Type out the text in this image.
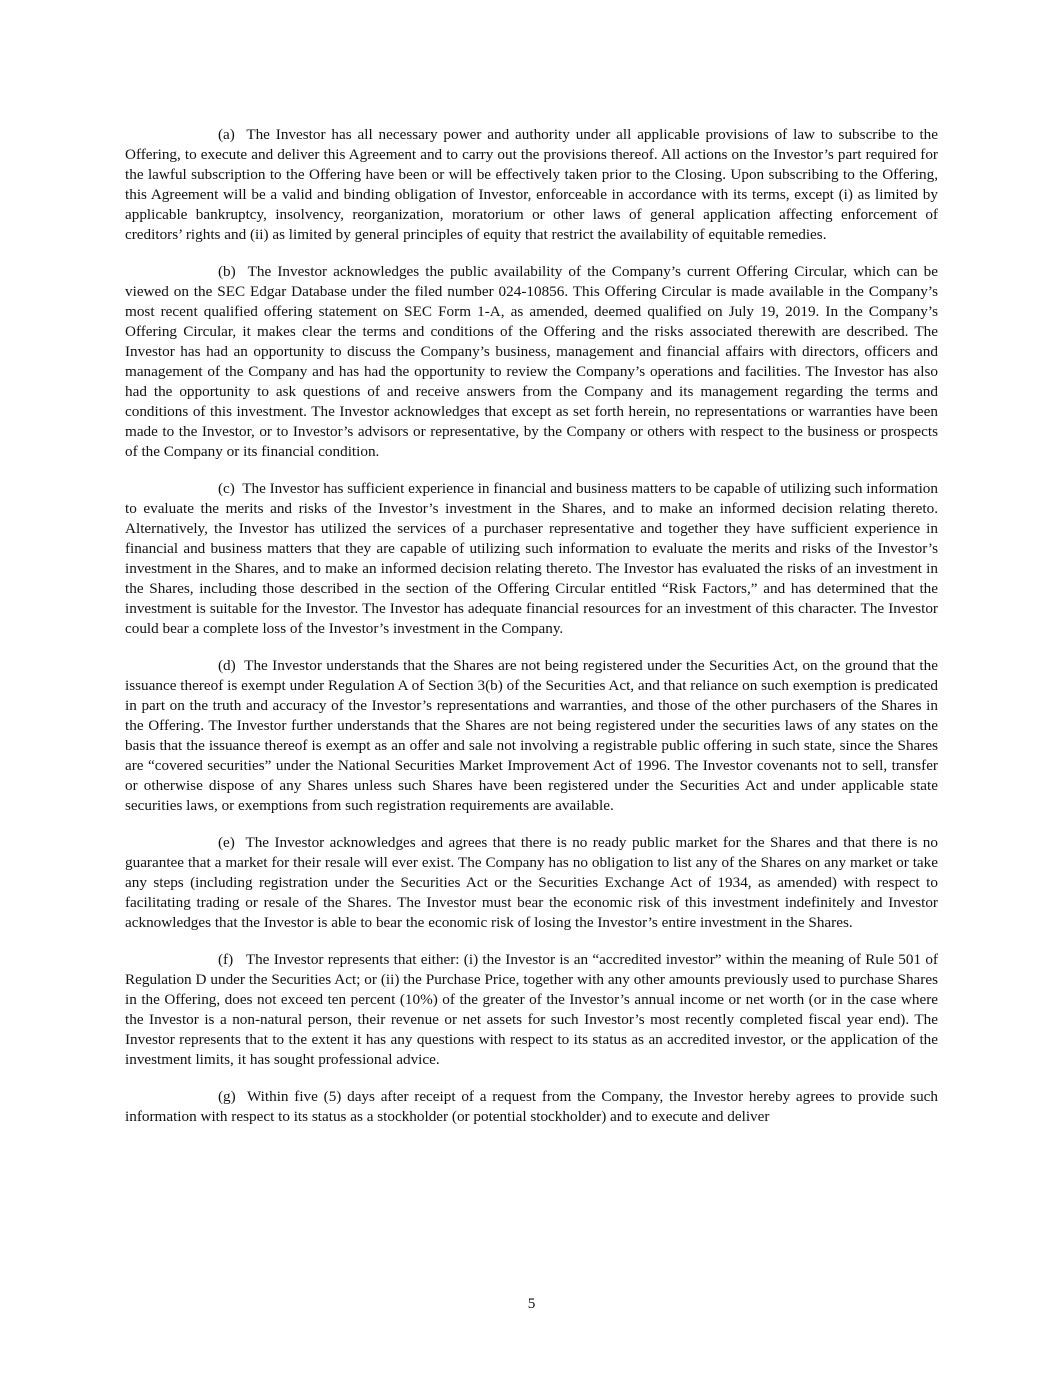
(a) The Investor has all necessary power and authority under all applicable provisions of law to subscribe to the Offering, to execute and deliver this Agreement and to carry out the provisions thereof. All actions on the Investor’s part required for the lawful subscription to the Offering have been or will be effectively taken prior to the Closing. Upon subscribing to the Offering, this Agreement will be a valid and binding obligation of Investor, enforceable in accordance with its terms, except (i) as limited by applicable bankruptcy, insolvency, reorganization, moratorium or other laws of general application affecting enforcement of creditors’ rights and (ii) as limited by general principles of equity that restrict the availability of equitable remedies.

(b) The Investor acknowledges the public availability of the Company’s current Offering Circular, which can be viewed on the SEC Edgar Database under the filed number 024-10856. This Offering Circular is made available in the Company’s most recent qualified offering statement on SEC Form 1-A, as amended, deemed qualified on July 19, 2019. In the Company’s Offering Circular, it makes clear the terms and conditions of the Offering and the risks associated therewith are described. The Investor has had an opportunity to discuss the Company’s business, management and financial affairs with directors, officers and management of the Company and has had the opportunity to review the Company’s operations and facilities. The Investor has also had the opportunity to ask questions of and receive answers from the Company and its management regarding the terms and conditions of this investment. The Investor acknowledges that except as set forth herein, no representations or warranties have been made to the Investor, or to Investor’s advisors or representative, by the Company or others with respect to the business or prospects of the Company or its financial condition.

(c) The Investor has sufficient experience in financial and business matters to be capable of utilizing such information to evaluate the merits and risks of the Investor’s investment in the Shares, and to make an informed decision relating thereto. Alternatively, the Investor has utilized the services of a purchaser representative and together they have sufficient experience in financial and business matters that they are capable of utilizing such information to evaluate the merits and risks of the Investor’s investment in the Shares, and to make an informed decision relating thereto. The Investor has evaluated the risks of an investment in the Shares, including those described in the section of the Offering Circular entitled “Risk Factors,” and has determined that the investment is suitable for the Investor. The Investor has adequate financial resources for an investment of this character. The Investor could bear a complete loss of the Investor’s investment in the Company.

(d) The Investor understands that the Shares are not being registered under the Securities Act, on the ground that the issuance thereof is exempt under Regulation A of Section 3(b) of the Securities Act, and that reliance on such exemption is predicated in part on the truth and accuracy of the Investor’s representations and warranties, and those of the other purchasers of the Shares in the Offering. The Investor further understands that the Shares are not being registered under the securities laws of any states on the basis that the issuance thereof is exempt as an offer and sale not involving a registrable public offering in such state, since the Shares are “covered securities” under the National Securities Market Improvement Act of 1996. The Investor covenants not to sell, transfer or otherwise dispose of any Shares unless such Shares have been registered under the Securities Act and under applicable state securities laws, or exemptions from such registration requirements are available.

(e) The Investor acknowledges and agrees that there is no ready public market for the Shares and that there is no guarantee that a market for their resale will ever exist. The Company has no obligation to list any of the Shares on any market or take any steps (including registration under the Securities Act or the Securities Exchange Act of 1934, as amended) with respect to facilitating trading or resale of the Shares. The Investor must bear the economic risk of this investment indefinitely and Investor acknowledges that the Investor is able to bear the economic risk of losing the Investor’s entire investment in the Shares.

(f) The Investor represents that either: (i) the Investor is an “accredited investor” within the meaning of Rule 501 of Regulation D under the Securities Act; or (ii) the Purchase Price, together with any other amounts previously used to purchase Shares in the Offering, does not exceed ten percent (10%) of the greater of the Investor’s annual income or net worth (or in the case where the Investor is a non-natural person, their revenue or net assets for such Investor’s most recently completed fiscal year end). The Investor represents that to the extent it has any questions with respect to its status as an accredited investor, or the application of the investment limits, it has sought professional advice.

(g) Within five (5) days after receipt of a request from the Company, the Investor hereby agrees to provide such information with respect to its status as a stockholder (or potential stockholder) and to execute and deliver

5
